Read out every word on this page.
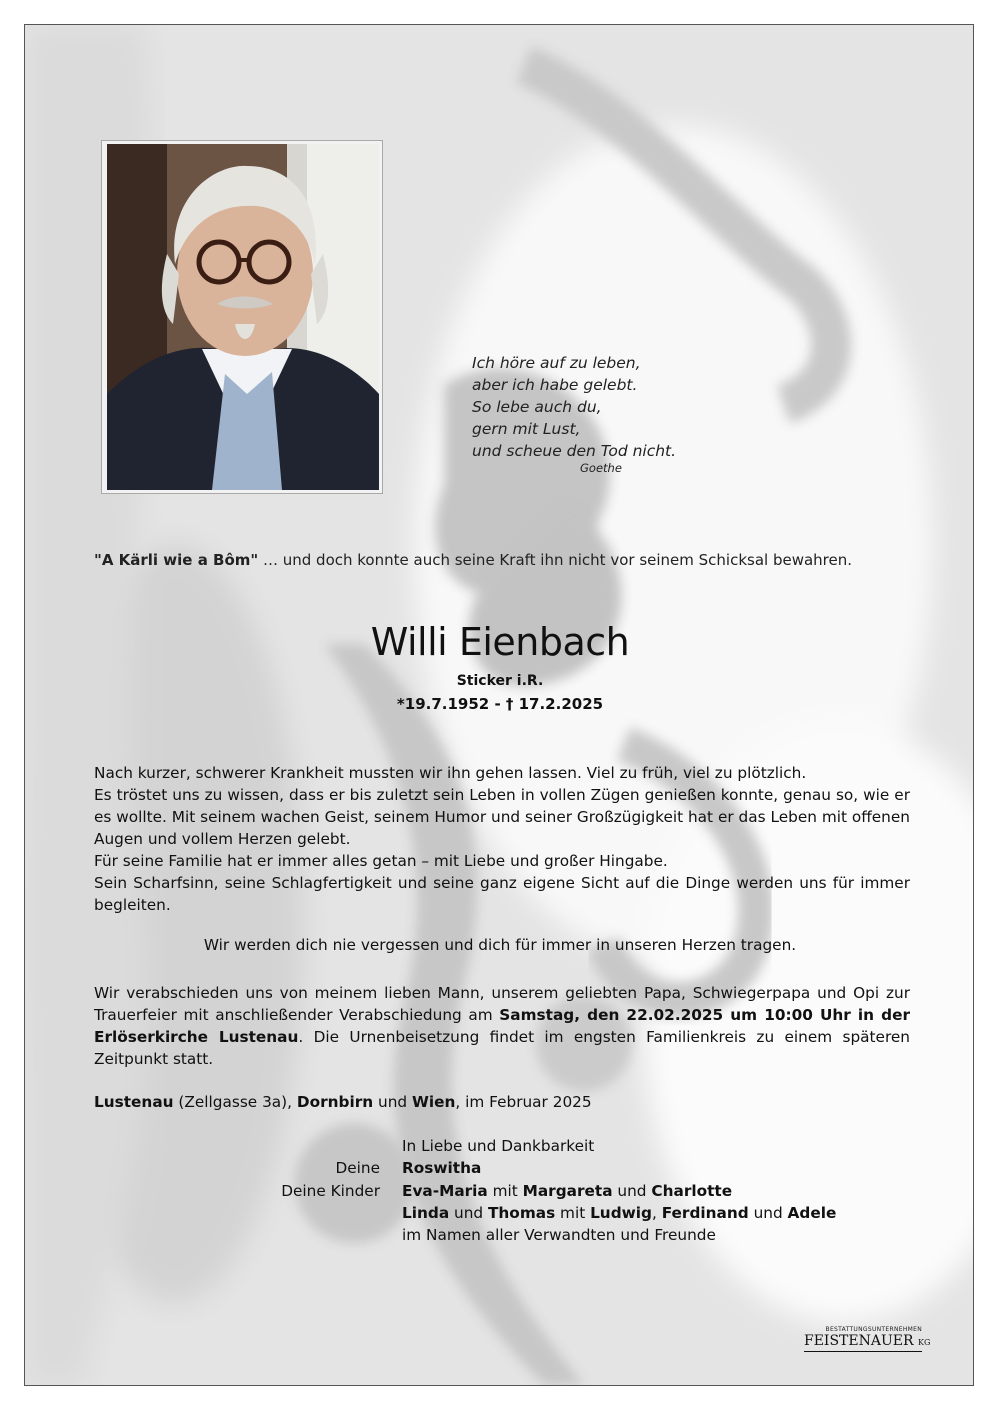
Ich höre auf zu leben,
aber ich habe gelebt.
So lebe auch du,
gern mit Lust,
und scheue den Tod nicht.
Goethe
"A Kärli wie a Bôm" … und doch konnte auch seine Kraft ihn nicht vor seinem Schicksal bewahren.
Willi Eienbach
Sticker i.R.
*19.7.1952 - † 17.2.2025

Nach kurzer, schwerer Krankheit mussten wir ihn gehen lassen. Viel zu früh, viel zu plötzlich.

Es tröstet uns zu wissen, dass er bis zuletzt sein Leben in vollen Zügen genießen konnte, genau so, wie er es wollte. Mit seinem wachen Geist, seinem Humor und seiner Großzügigkeit hat er das Leben mit offenen Augen und vollem Herzen gelebt.

Für seine Familie hat er immer alles getan – mit Liebe und großer Hingabe.

Sein Scharfsinn, seine Schlagfertigkeit und seine ganz eigene Sicht auf die Dinge werden uns für immer begleiten.

Wir werden dich nie vergessen und dich für immer in unseren Herzen tragen.
Wir verabschieden uns von meinem lieben Mann, unserem geliebten Papa, Schwiegerpapa und Opi zur Trauerfeier mit anschließender Verabschiedung am Samstag, den 22.02.2025 um 10:00 Uhr in der Erlöserkirche Lustenau. Die Urnenbeisetzung findet im engsten Familienkreis zu einem späteren Zeitpunkt statt.
Lustenau (Zellgasse 3a), Dornbirn und Wien, im Februar 2025
In Liebe und Dankbarkeit
Deine Roswitha
Deine Kinder Eva-Maria mit Margareta und Charlotte
Linda und Thomas mit Ludwig, Ferdinand und Adele
im Namen aller Verwandten und Freunde
BESTATTUNGSUNTERNEHMEN
FEISTENAUER KG
